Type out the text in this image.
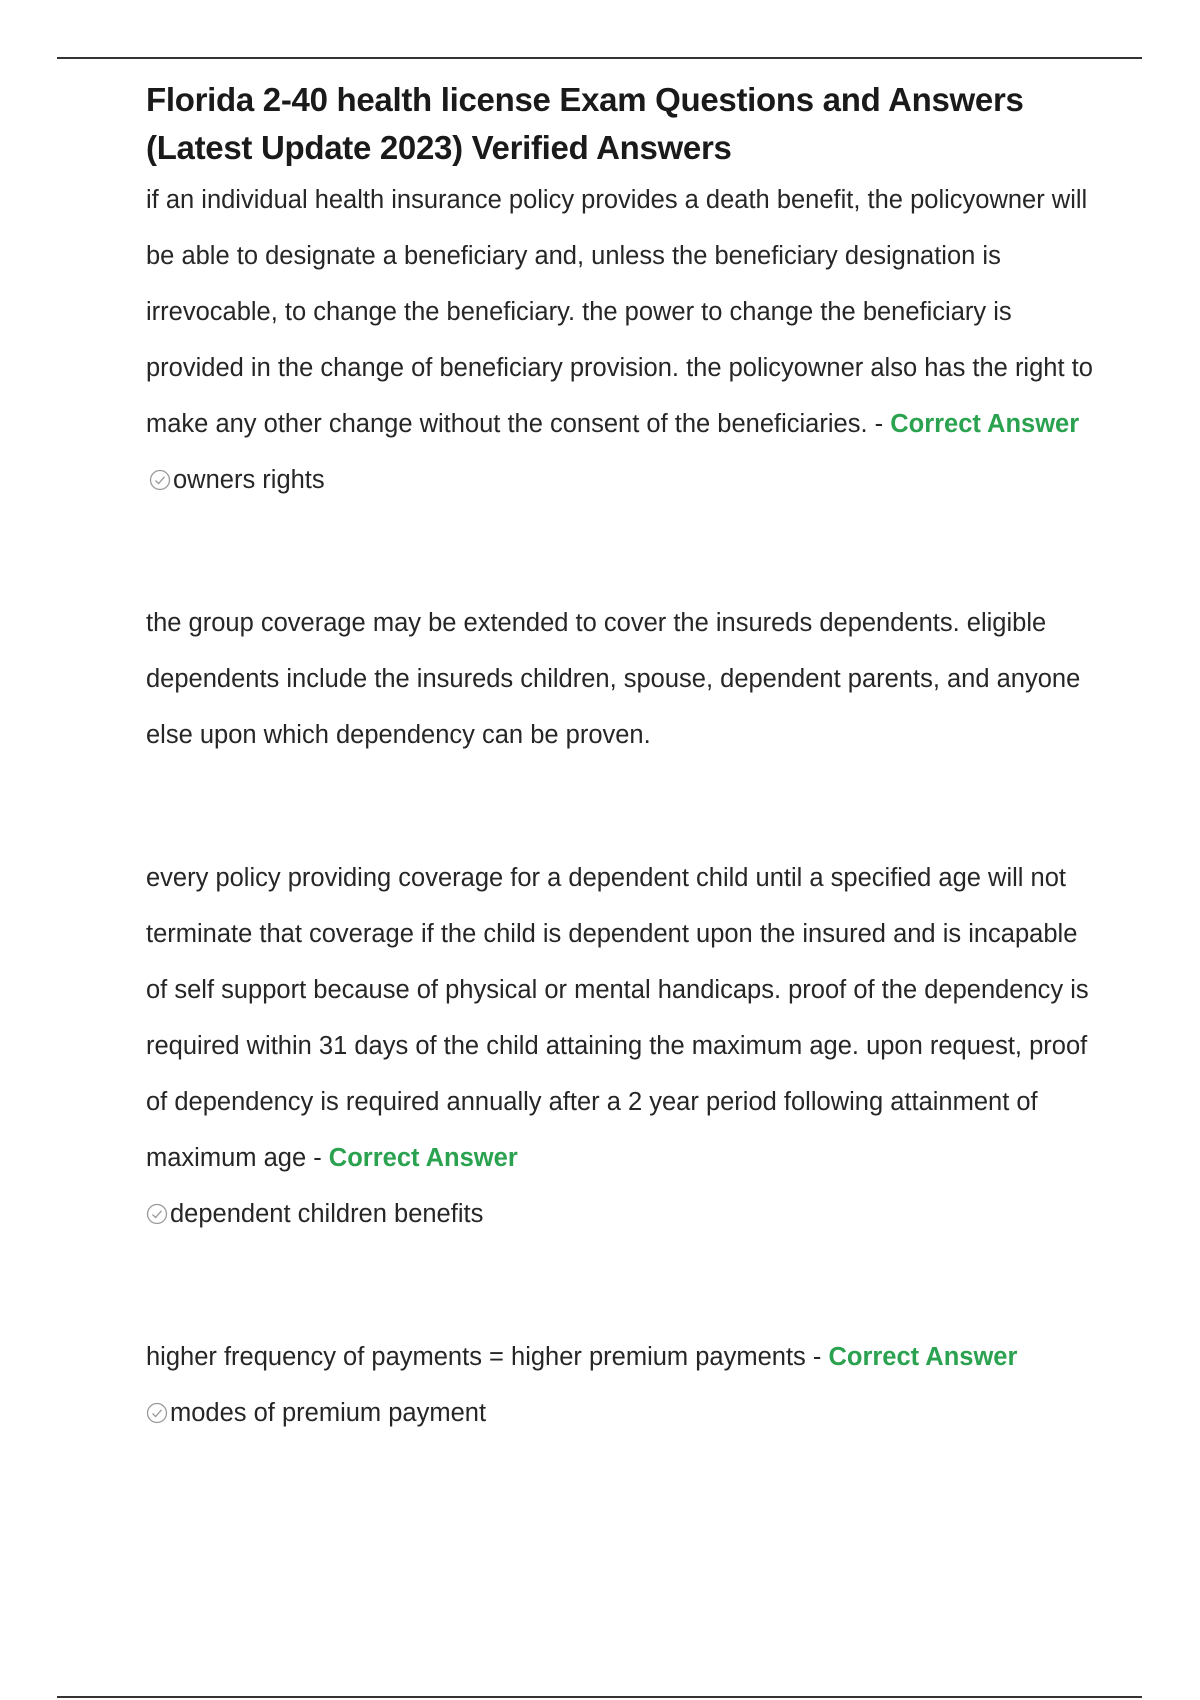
Florida 2-40 health license Exam Questions and Answers (Latest Update 2023) Verified Answers

if an individual health insurance policy provides a death benefit, the policyowner will be able to designate a beneficiary and, unless the beneficiary designation is irrevocable, to change the beneficiary. the power to change the beneficiary is provided in the change of beneficiary provision. the policyowner also has the right to make any other change without the consent of the beneficiaries. - Correct Answer owners rights

the group coverage may be extended to cover the insureds dependents. eligible dependents include the insureds children, spouse, dependent parents, and anyone else upon which dependency can be proven.

every policy providing coverage for a dependent child until a specified age will not terminate that coverage if the child is dependent upon the insured and is incapable of self support because of physical or mental handicaps. proof of the dependency is required within 31 days of the child attaining the maximum age. upon request, proof of dependency is required annually after a 2 year period following attainment of maximum age - Correct Answer
dependent children benefits

higher frequency of payments = higher premium payments - Correct Answer
modes of premium payment
